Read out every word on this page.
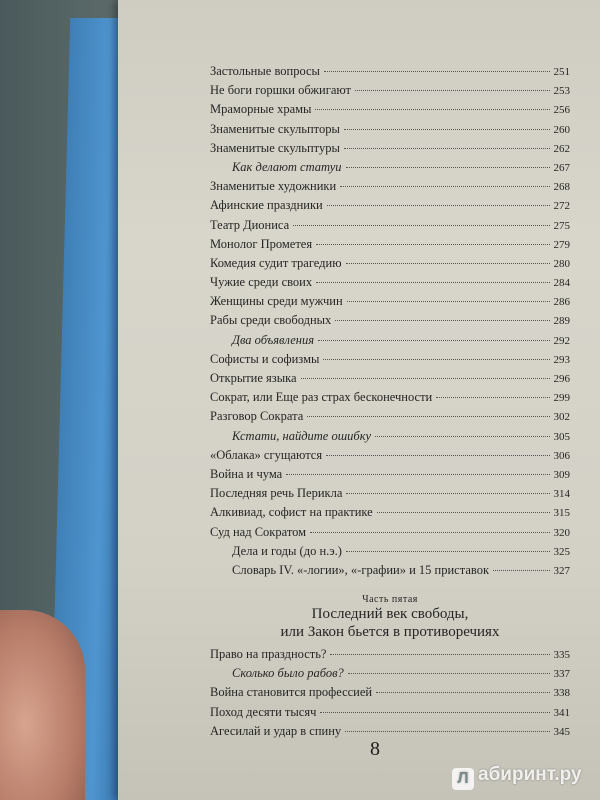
Застольные вопросы	251
Не боги горшки обжигают	253
Мраморные храмы	256
Знаменитые скульпторы	260
Знаменитые скульптуры	262
Как делают статуи	267
Знаменитые художники	268
Афинские праздники	272
Театр Диониса	275
Монолог Прометея	279
Комедия судит трагедию	280
Чужие среди своих	284
Женщины среди мужчин	286
Рабы среди свободных	289
Два объявления	292
Софисты и софизмы	293
Открытие языка	296
Сократ, или Еще раз страх бесконечности	299
Разговор Сократа	302
Кстати, найдите ошибку	305
«Облака» сгущаются	306
Война и чума	309
Последняя речь Перикла	314
Алкивиад, софист на практике	315
Суд над Сократом	320
Дела и годы (до н.э.)	325
Словарь IV. «-логии», «-графии» и 15 приставок	327
Часть пятая
Последний век свободы,
или Закон бьется в противоречиях
Право на праздность?	335
Сколько было рабов?	337
Война становится профессией	338
Поход десяти тысяч	341
Агесилай и удар в спину	345
8
Л абиринт.ру
